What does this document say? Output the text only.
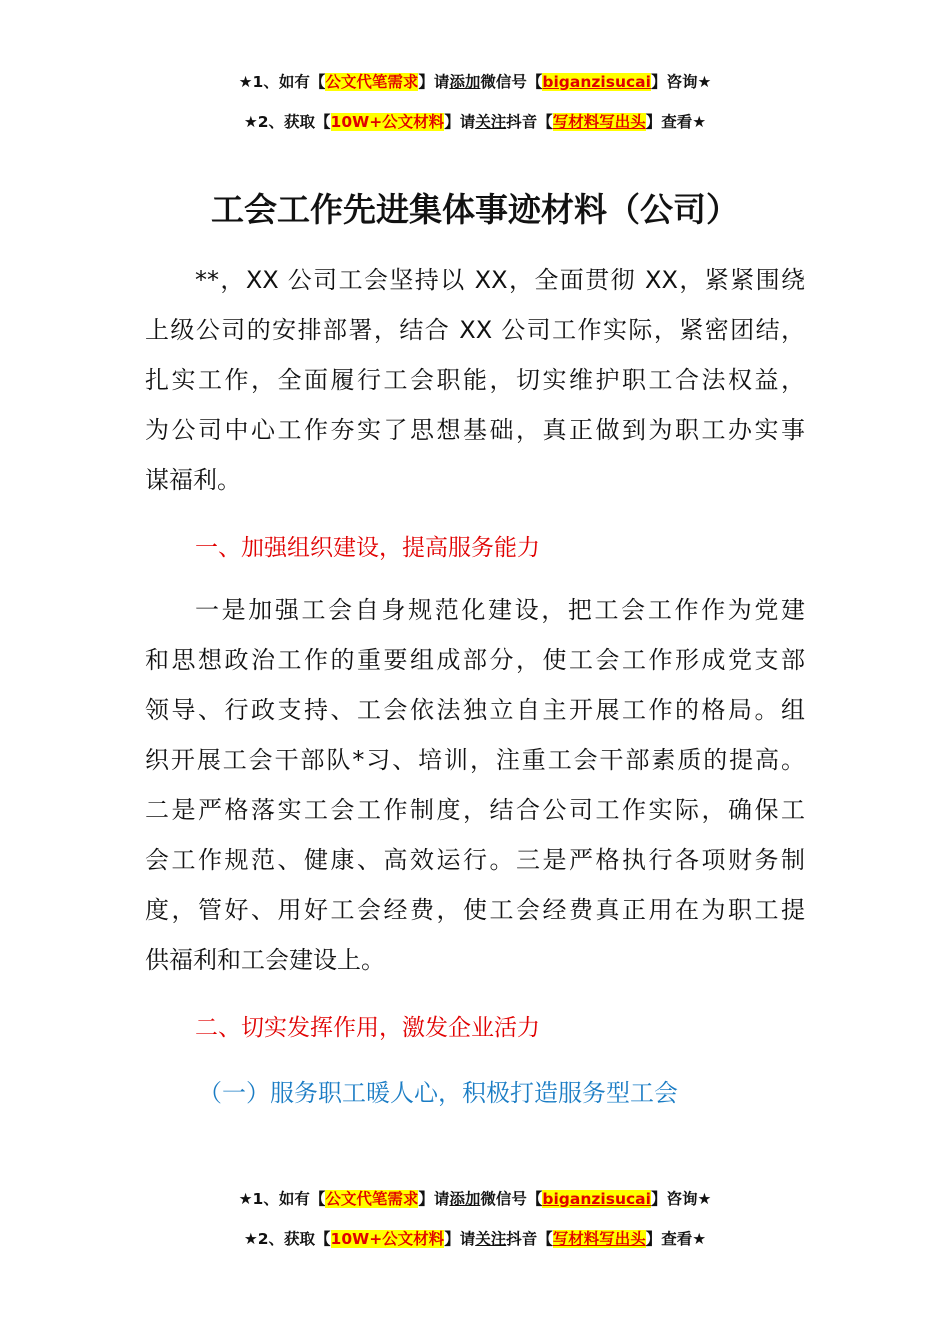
★1、如有【公文代笔需求】请添加微信号【biganzisucai】咨询★
★2、获取【10W+公文材料】请关注抖音【写材料写出头】查看★
工会工作先进集体事迹材料（公司）
**，XX 公司工会坚持以 XX，全面贯彻 XX，紧紧围绕
上级公司的安排部署，结合 XX 公司工作实际，紧密团结，
扎实工作，全面履行工会职能，切实维护职工合法权益，
为公司中心工作夯实了思想基础，真正做到为职工办实事
谋福利。
一、加强组织建设，提高服务能力
一是加强工会自身规范化建设，把工会工作作为党建
和思想政治工作的重要组成部分，使工会工作形成党支部
领导、行政支持、工会依法独立自主开展工作的格局。组
织开展工会干部队*习、培训，注重工会干部素质的提高。
二是严格落实工会工作制度，结合公司工作实际，确保工
会工作规范、健康、高效运行。三是严格执行各项财务制
度，管好、用好工会经费，使工会经费真正用在为职工提
供福利和工会建设上。
二、切实发挥作用，激发企业活力
（一）服务职工暖人心，积极打造服务型工会
★1、如有【公文代笔需求】请添加微信号【biganzisucai】咨询★
★2、获取【10W+公文材料】请关注抖音【写材料写出头】查看★
